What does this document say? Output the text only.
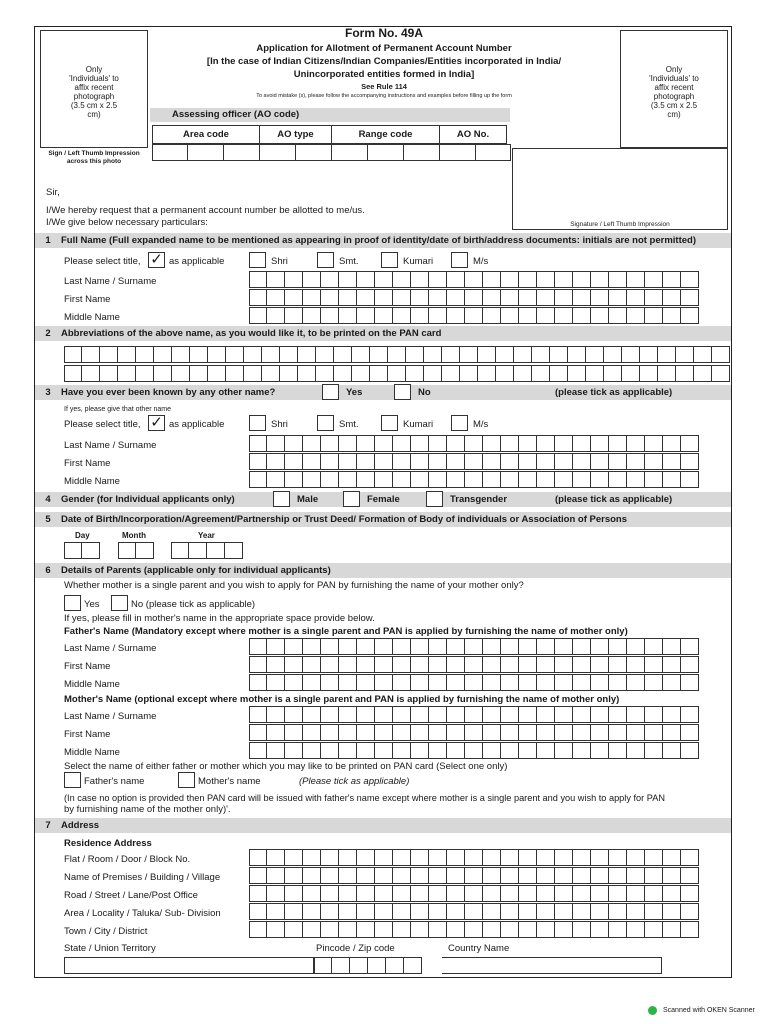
Form No. 49A
Application for Allotment of Permanent Account Number
[In the case of Indian Citizens/Indian Companies/Entities incorporated in India/
Unincorporated entities formed in India]
See Rule 114
To avoid mistake (s), please follow the accompanying instructions and examples before filling up the form
Only 'Individuals' to affix recent photograph (3.5 cm x 2.5 cm)
Sign / Left Thumb Impression across this photo
Only 'Individuals' to affix recent photograph (3.5 cm x 2.5 cm)
Signature / Left Thumb Impression
Assessing officer (AO code)
Area code	AO type	Range code	AO No.
Sir,
I/We hereby request that a permanent account number be allotted to me/us.
I/We give below necessary particulars:
1 Full Name (Full expanded name to be mentioned as appearing in proof of identity/date of birth/address documents: initials are not permitted)
Please select title, ✓ as applicable	Shri	Smt.	Kumari	M/s
Last Name / Surname
First Name
Middle Name
2 Abbreviations of the above name, as you would like it, to be printed on the PAN card
3 Have you ever been known by any other name?	Yes	No	(please tick as applicable)
If yes, please give that other name
Please select title, ✓ as applicable	Shri	Smt.	Kumari	M/s
Last Name / Surname
First Name
Middle Name
4 Gender (for Individual applicants only)	Male	Female	Transgender	(please tick as applicable)
5 Date of Birth/Incorporation/Agreement/Partnership or Trust Deed/ Formation of Body of individuals or Association of Persons
Day	Month	Year
6 Details of Parents (applicable only for individual applicants)
Whether mother is a single parent and you wish to apply for PAN by furnishing the name of your mother only?
Yes	No (please tick as applicable)
If yes, please fill in mother's name in the appropriate space provide below.
Father's Name (Mandatory except where mother is a single parent and PAN is applied by furnishing the name of mother only)
Last Name / Surname
First Name
Middle Name
Mother's Name (optional except where mother is a single parent and PAN is applied by furnishing the name of mother only)
Last Name / Surname
First Name
Middle Name
Select the name of either father or mother which you may like to be printed on PAN card (Select one only)
Father's name	Mother's name	(Please tick as applicable)
(In case no option is provided then PAN card will be issued with father's name except where mother is a single parent and you wish to apply for PAN
by furnishing name of the mother only)'.
7 Address
Residence Address
Flat / Room / Door / Block No.
Name of Premises / Building / Village
Road / Street / Lane/Post Office
Area / Locality / Taluka/ Sub- Division
Town / City / District
State / Union Territory	Pincode / Zip code	Country Name
Scanned with OKEN Scanner
